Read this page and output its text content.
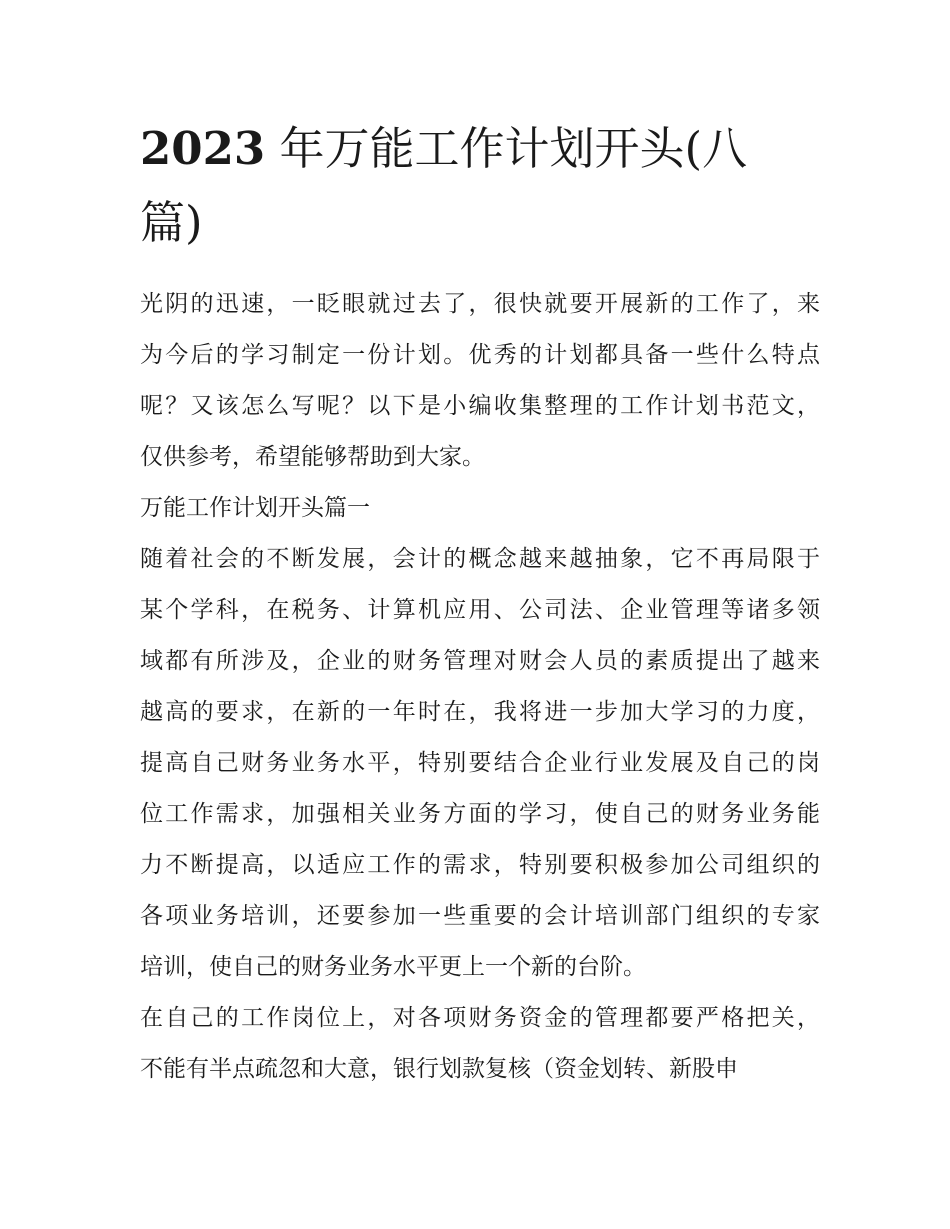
2023 年万能工作计划开头(八
篇)

光阴的迅速，一眨眼就过去了，很快就要开展新的工作了，来
为今后的学习制定一份计划。优秀的计划都具备一些什么特点
呢？又该怎么写呢？以下是小编收集整理的工作计划书范文，
仅供参考，希望能够帮助到大家。

万能工作计划开头篇一

随着社会的不断发展，会计的概念越来越抽象，它不再局限于
某个学科，在税务、计算机应用、公司法、企业管理等诸多领
域都有所涉及，企业的财务管理对财会人员的素质提出了越来
越高的要求，在新的一年时在，我将进一步加大学习的力度，
提高自己财务业务水平，特别要结合企业行业发展及自己的岗
位工作需求，加强相关业务方面的学习，使自己的财务业务能
力不断提高，以适应工作的需求，特别要积极参加公司组织的
各项业务培训，还要参加一些重要的会计培训部门组织的专家
培训，使自己的财务业务水平更上一个新的台阶。

在自己的工作岗位上，对各项财务资金的管理都要严格把关，
不能有半点疏忽和大意，银行划款复核（资金划转、新股申
